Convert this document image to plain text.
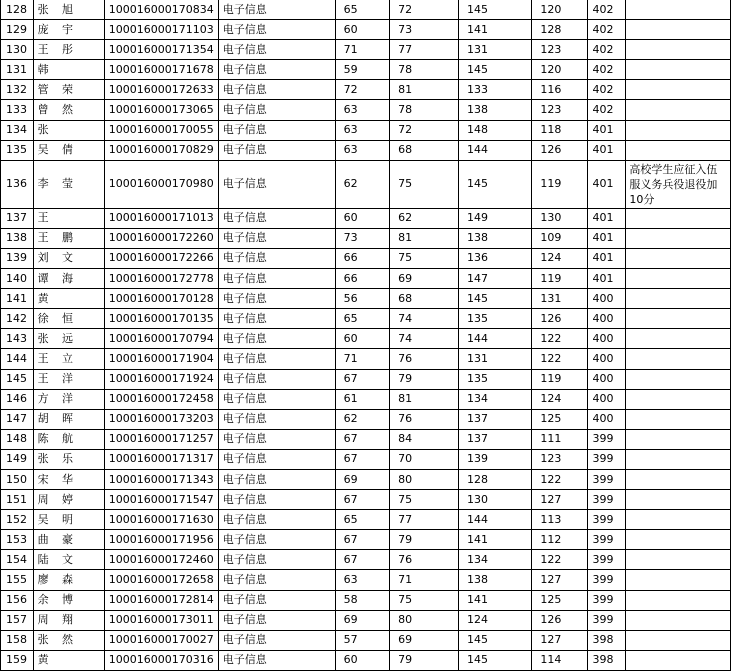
128	张 旭	100016000170834	电子信息	65	72	145	120	402	
129	庞 宇	100016000171103	电子信息	60	73	141	128	402	
130	王 彤	100016000171354	电子信息	71	77	131	123	402	
131	韩	100016000171678	电子信息	59	78	145	120	402	
132	管 荣	100016000172633	电子信息	72	81	133	116	402	
133	曾 然	100016000173065	电子信息	63	78	138	123	402	
134	张	100016000170055	电子信息	63	72	148	118	401	
135	吴 倩	100016000170829	电子信息	63	68	144	126	401	
136	李 莹	100016000170980	电子信息	62	75	145	119	401	高校学生应征入伍服义务兵役退役加10分
137	王	100016000171013	电子信息	60	62	149	130	401	
138	王 鹏	100016000172260	电子信息	73	81	138	109	401	
139	刘 文	100016000172266	电子信息	66	75	136	124	401	
140	谭 海	100016000172778	电子信息	66	69	147	119	401	
141	黄	100016000170128	电子信息	56	68	145	131	400	
142	徐 恒	100016000170135	电子信息	65	74	135	126	400	
143	张 远	100016000170794	电子信息	60	74	144	122	400	
144	王 立	100016000171904	电子信息	71	76	131	122	400	
145	王 洋	100016000171924	电子信息	67	79	135	119	400	
146	方 洋	100016000172458	电子信息	61	81	134	124	400	
147	胡 晖	100016000173203	电子信息	62	76	137	125	400	
148	陈 航	100016000171257	电子信息	67	84	137	111	399	
149	张 乐	100016000171317	电子信息	67	70	139	123	399	
150	宋 华	100016000171343	电子信息	69	80	128	122	399	
151	周 婷	100016000171547	电子信息	67	75	130	127	399	
152	吴 明	100016000171630	电子信息	65	77	144	113	399	
153	曲 豪	100016000171956	电子信息	67	79	141	112	399	
154	陆 文	100016000172460	电子信息	67	76	134	122	399	
155	廖 森	100016000172658	电子信息	63	71	138	127	399	
156	余 博	100016000172814	电子信息	58	75	141	125	399	
157	周 翔	100016000173011	电子信息	69	80	124	126	399	
158	张 然	100016000170027	电子信息	57	69	145	127	398	
159	黄	100016000170316	电子信息	60	79	145	114	398	
